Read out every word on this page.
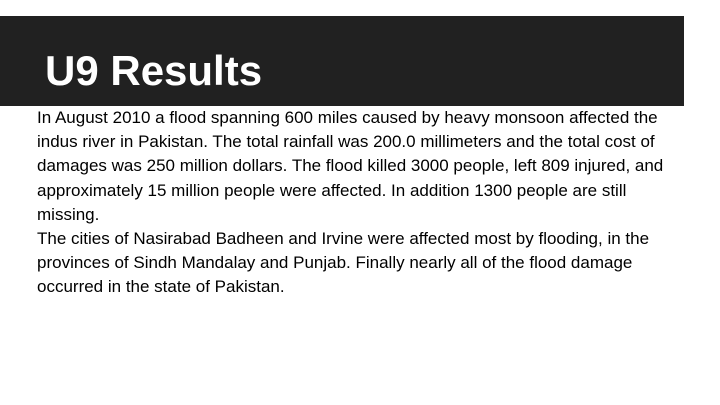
U9 Results

In August 2010 a flood spanning 600 miles caused by heavy monsoon affected the indus river in Pakistan. The total rainfall was 200.0 millimeters and the total cost of damages was 250 million dollars. The flood killed 3000 people, left 809 injured, and approximately 15 million people were affected. In addition 1300 people are still missing.

The cities of Nasirabad Badheen and Irvine were affected most by flooding, in the provinces of Sindh Mandalay and Punjab. Finally nearly all of the flood damage occurred in the state of Pakistan.
